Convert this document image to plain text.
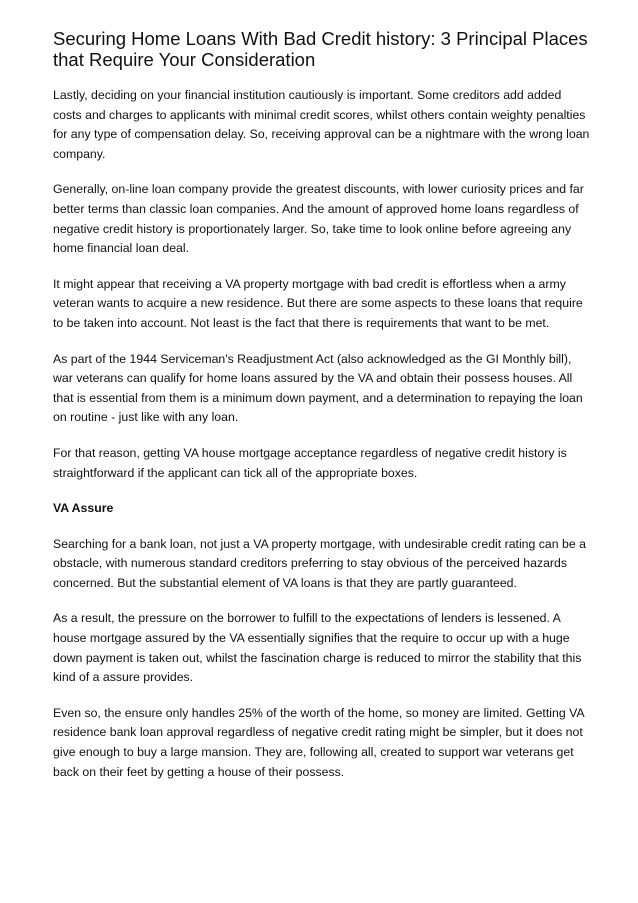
Securing Home Loans With Bad Credit history: 3 Principal Places that Require Your Consideration

Lastly, deciding on your financial institution cautiously is important. Some creditors add added costs and charges to applicants with minimal credit scores, whilst others contain weighty penalties for any type of compensation delay. So, receiving approval can be a nightmare with the wrong loan company.

Generally, on-line loan company provide the greatest discounts, with lower curiosity prices and far better terms than classic loan companies. And the amount of approved home loans regardless of negative credit history is proportionately larger. So, take time to look online before agreeing any home financial loan deal.

It might appear that receiving a VA property mortgage with bad credit is effortless when a army veteran wants to acquire a new residence. But there are some aspects to these loans that require to be taken into account. Not least is the fact that there is requirements that want to be met.

As part of the 1944 Serviceman's Readjustment Act (also acknowledged as the GI Monthly bill), war veterans can qualify for home loans assured by the VA and obtain their possess houses. All that is essential from them is a minimum down payment, and a determination to repaying the loan on routine - just like with any loan.

For that reason, getting VA house mortgage acceptance regardless of negative credit history is straightforward if the applicant can tick all of the appropriate boxes.

VA Assure

Searching for a bank loan, not just a VA property mortgage, with undesirable credit rating can be a obstacle, with numerous standard creditors preferring to stay obvious of the perceived hazards concerned. But the substantial element of VA loans is that they are partly guaranteed.

As a result, the pressure on the borrower to fulfill to the expectations of lenders is lessened. A house mortgage assured by the VA essentially signifies that the require to occur up with a huge down payment is taken out, whilst the fascination charge is reduced to mirror the stability that this kind of a assure provides.

Even so, the ensure only handles 25% of the worth of the home, so money are limited. Getting VA residence bank loan approval regardless of negative credit rating might be simpler, but it does not give enough to buy a large mansion. They are, following all, created to support war veterans get back on their feet by getting a house of their possess.
